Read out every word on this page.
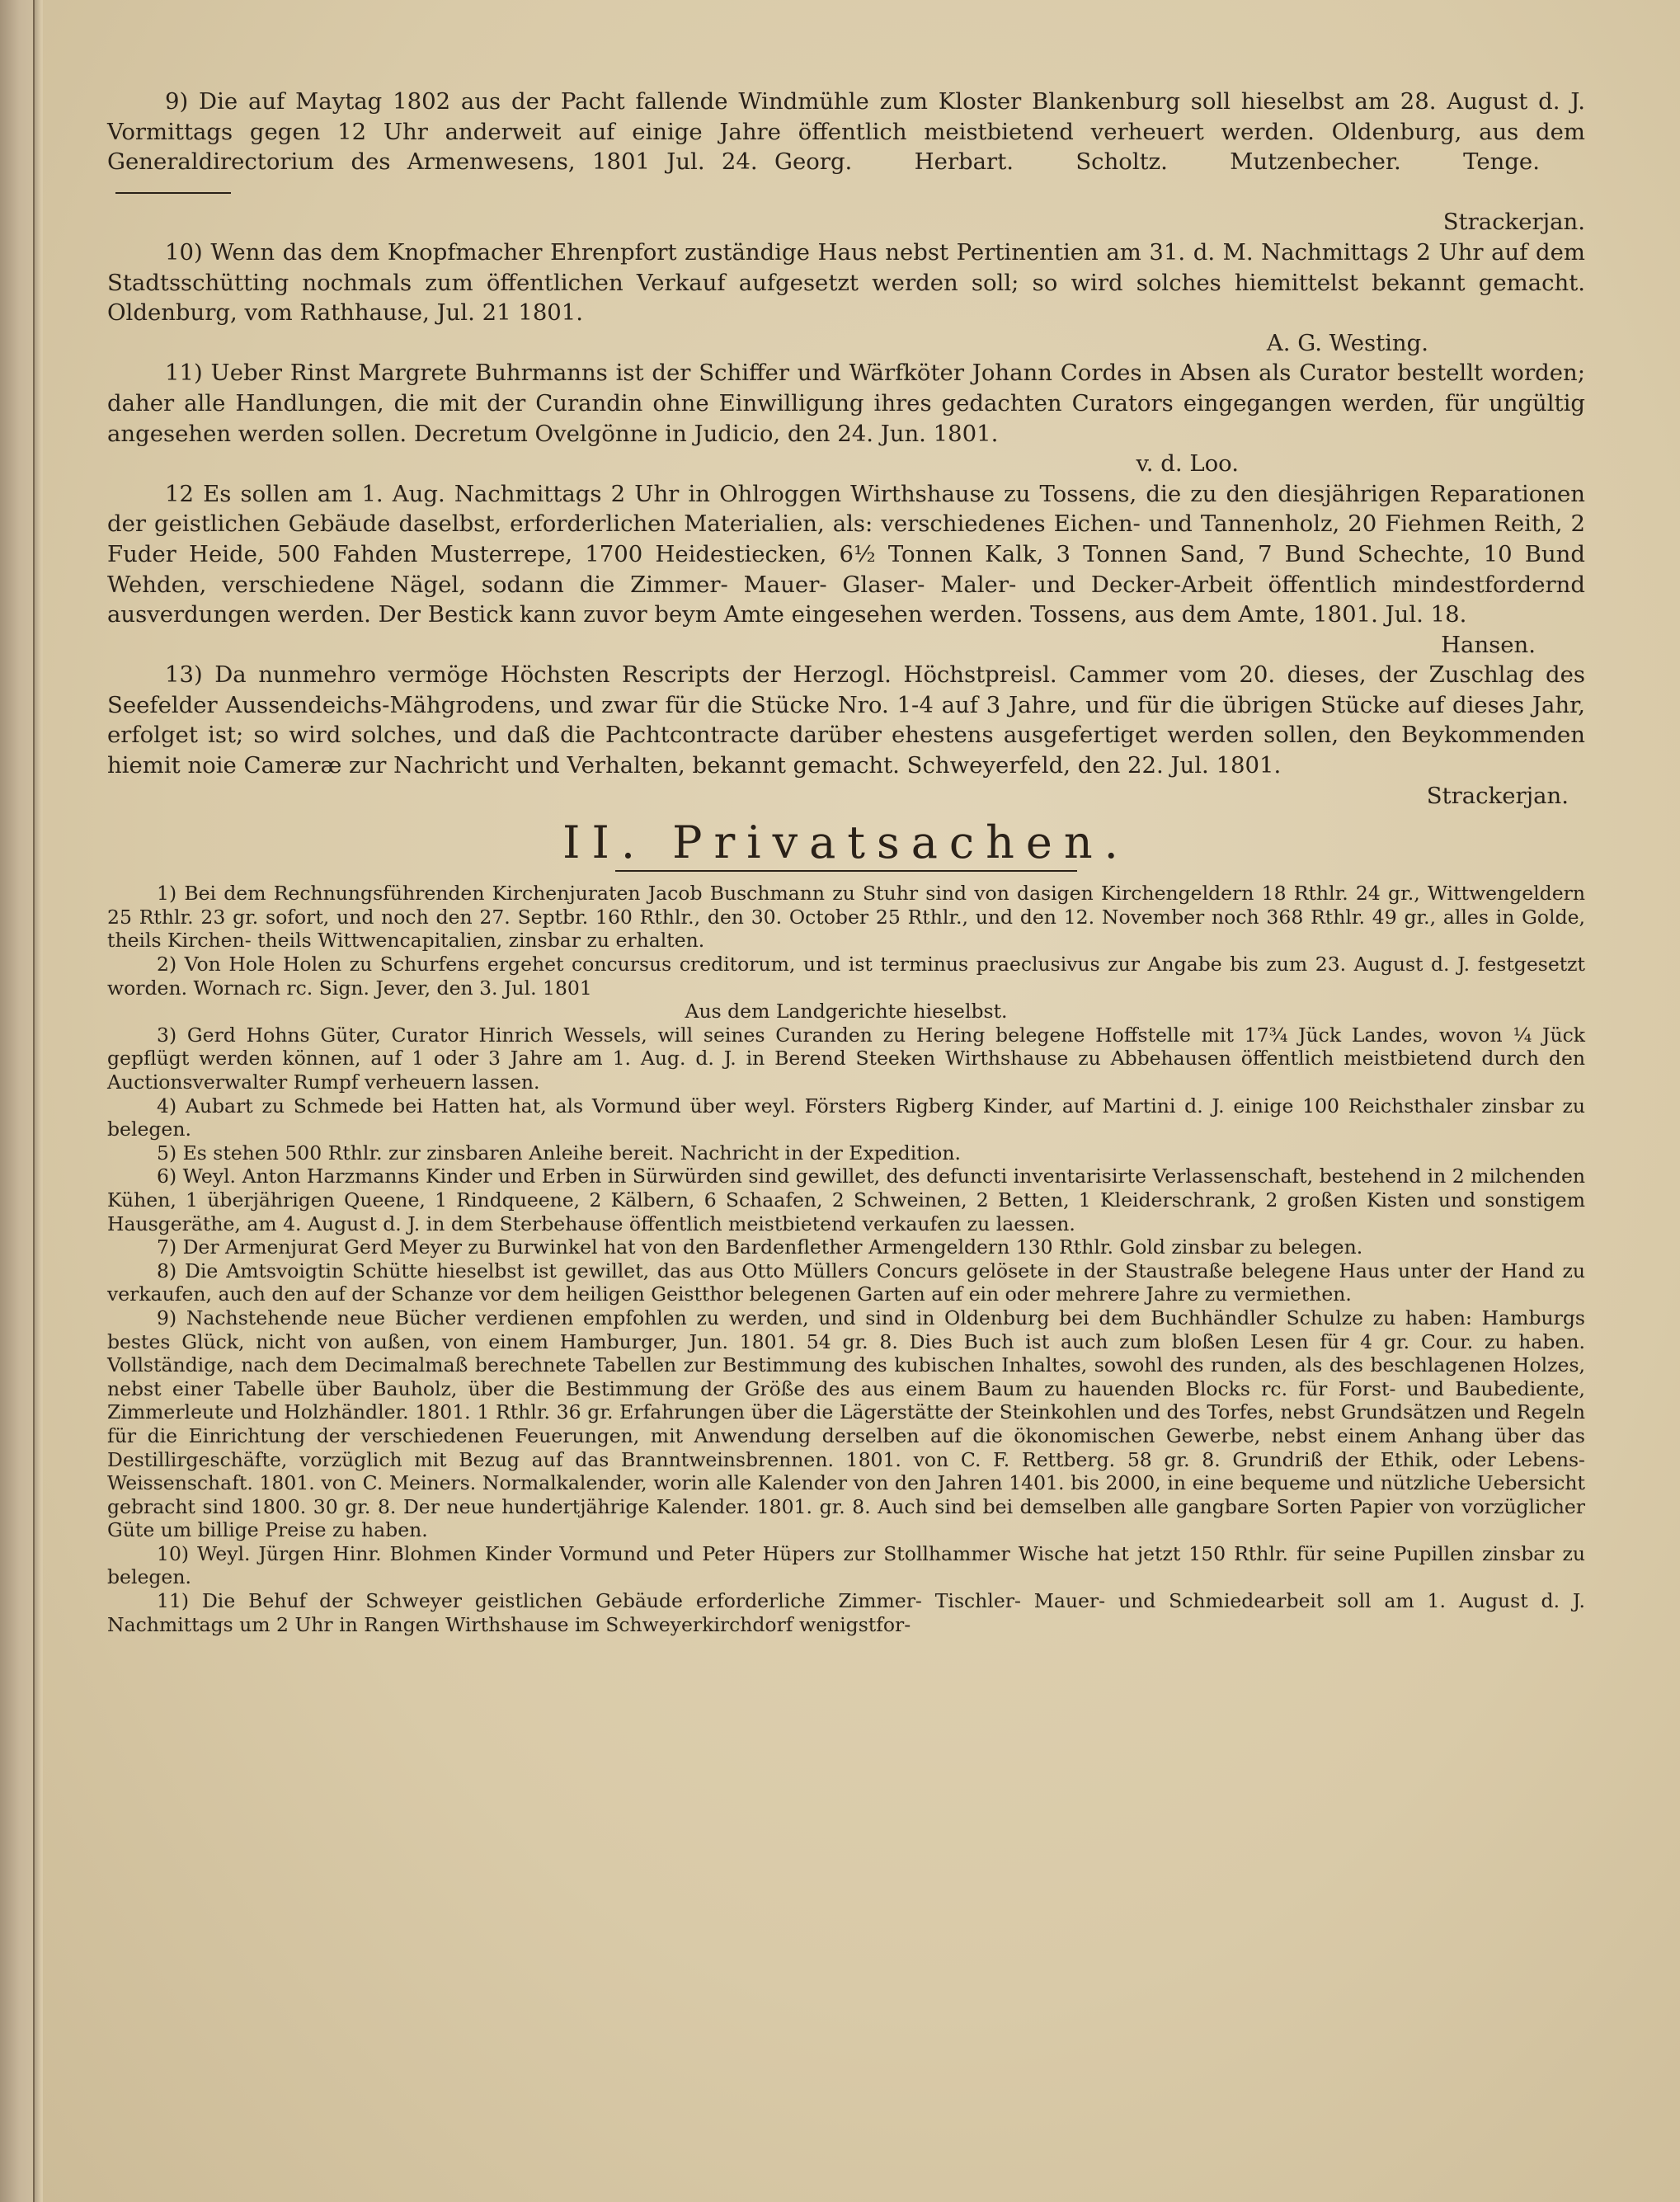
9) Die auf Maytag 1802 aus der Pacht fallende Windmühle zum Kloster Blankenburg soll hieselbst am 28. August d. J. Vormittags gegen 12 Uhr anderweit auf einige Jahre öffentlich meistbietend verheuert werden. Oldenburg, aus dem Generaldirectorium des Armenwesens, 1801 Jul. 24. Georg.	Herbart.	Scholtz.	Mutzenbecher.	Tenge.

Strackerjan.

10) Wenn das dem Knopfmacher Ehrenpfort zuständige Haus nebst Pertinentien am 31. d. M. Nachmittags 2 Uhr auf dem Stadtsschütting nochmals zum öffentlichen Verkauf aufgesetzt werden soll; so wird solches hiemittelst bekannt gemacht. Oldenburg, vom Rathhause, Jul. 21 1801.

A. G. Westing.

11) Ueber Rinst Margrete Buhrmanns ist der Schiffer und Wärfköter Johann Cordes in Absen als Curator bestellt worden; daher alle Handlungen, die mit der Curandin ohne Einwilligung ihres gedachten Curators eingegangen werden, für ungültig angesehen werden sollen. Decretum Ovelgönne in Judicio, den 24. Jun. 1801.

v. d. Loo.

12 Es sollen am 1. Aug. Nachmittags 2 Uhr in Ohlroggen Wirthshause zu Tossens, die zu den diesjährigen Reparationen der geistlichen Gebäude daselbst, erforderlichen Materialien, als: verschiedenes Eichen- und Tannenholz, 20 Fiehmen Reith, 2 Fuder Heide, 500 Fahden Musterrepe, 1700 Heidestiecken, 6½ Tonnen Kalk, 3 Tonnen Sand, 7 Bund Schechte, 10 Bund Wehden, verschiedene Nägel, sodann die Zimmer- Mauer- Glaser- Maler- und Decker-Arbeit öffentlich mindestfordernd ausverdungen werden. Der Bestick kann zuvor beym Amte eingesehen werden. Tossens, aus dem Amte, 1801. Jul. 18.

Hansen.

13) Da nunmehro vermöge Höchsten Rescripts der Herzogl. Höchstpreisl. Cammer vom 20. dieses, der Zuschlag des Seefelder Aussendeichs-Mähgrodens, und zwar für die Stücke Nro. 1-4 auf 3 Jahre, und für die übrigen Stücke auf dieses Jahr, erfolget ist; so wird solches, und daß die Pachtcontracte darüber ehestens ausgefertiget werden sollen, den Beykommenden hiemit noie Cameræ zur Nachricht und Verhalten, bekannt gemacht. Schweyerfeld, den 22. Jul. 1801.

Strackerjan.

II. Privatsachen.

1) Bei dem Rechnungsführenden Kirchenjuraten Jacob Buschmann zu Stuhr sind von dasigen Kirchengeldern 18 Rthlr. 24 gr., Wittwengeldern 25 Rthlr. 23 gr. sofort, und noch den 27. Septbr. 160 Rthlr., den 30. October 25 Rthlr., und den 12. November noch 368 Rthlr. 49 gr., alles in Golde, theils Kirchen- theils Wittwencapitalien, zinsbar zu erhalten.

2) Von Hole Holen zu Schurfens ergehet concursus creditorum, und ist terminus praeclusivus zur Angabe bis zum 23. August d. J. festgesetzt worden. Wornach rc. Sign. Jever, den 3. Jul. 1801

Aus dem Landgerichte hieselbst.

3) Gerd Hohns Güter, Curator Hinrich Wessels, will seines Curanden zu Hering belegene Hoffstelle mit 17¾ Jück Landes, wovon ¼ Jück gepflügt werden können, auf 1 oder 3 Jahre am 1. Aug. d. J. in Berend Steeken Wirthshause zu Abbehausen öffentlich meistbietend durch den Auctionsverwalter Rumpf verheuern lassen.

4) Aubart zu Schmede bei Hatten hat, als Vormund über weyl. Försters Rigberg Kinder, auf Martini d. J. einige 100 Reichsthaler zinsbar zu belegen.

5) Es stehen 500 Rthlr. zur zinsbaren Anleihe bereit. Nachricht in der Expedition.

6) Weyl. Anton Harzmanns Kinder und Erben in Sürwürden sind gewillet, des defuncti inventarisirte Verlassenschaft, bestehend in 2 milchenden Kühen, 1 überjährigen Queene, 1 Rindqueene, 2 Kälbern, 6 Schaafen, 2 Schweinen, 2 Betten, 1 Kleiderschrank, 2 großen Kisten und sonstigem Hausgeräthe, am 4. August d. J. in dem Sterbehause öffentlich meistbietend verkaufen zu laessen.

7) Der Armenjurat Gerd Meyer zu Burwinkel hat von den Bardenflether Armengeldern 130 Rthlr. Gold zinsbar zu belegen.

8) Die Amtsvoigtin Schütte hieselbst ist gewillet, das aus Otto Müllers Concurs gelösete in der Staustraße belegene Haus unter der Hand zu verkaufen, auch den auf der Schanze vor dem heiligen Geistthor belegenen Garten auf ein oder mehrere Jahre zu vermiethen.

9) Nachstehende neue Bücher verdienen empfohlen zu werden, und sind in Oldenburg bei dem Buchhändler Schulze zu haben: Hamburgs bestes Glück, nicht von außen, von einem Hamburger, Jun. 1801. 54 gr. 8. Dies Buch ist auch zum bloßen Lesen für 4 gr. Cour. zu haben. Vollständige, nach dem Decimalmaß berechnete Tabellen zur Bestimmung des kubischen Inhaltes, sowohl des runden, als des beschlagenen Holzes, nebst einer Tabelle über Bauholz, über die Bestimmung der Größe des aus einem Baum zu hauenden Blocks rc. für Forst- und Baubediente, Zimmerleute und Holzhändler. 1801. 1 Rthlr. 36 gr. Erfahrungen über die Lägerstätte der Steinkohlen und des Torfes, nebst Grundsätzen und Regeln für die Einrichtung der verschiedenen Feuerungen, mit Anwendung derselben auf die ökonomischen Gewerbe, nebst einem Anhang über das Destillirgeschäfte, vorzüglich mit Bezug auf das Branntweinsbrennen. 1801. von C. F. Rettberg. 58 gr. 8. Grundriß der Ethik, oder Lebens-Weissenschaft. 1801. von C. Meiners. Normalkalender, worin alle Kalender von den Jahren 1401. bis 2000, in eine bequeme und nützliche Uebersicht gebracht sind 1800. 30 gr. 8. Der neue hundertjährige Kalender. 1801. gr. 8. Auch sind bei demselben alle gangbare Sorten Papier von vorzüglicher Güte um billige Preise zu haben.

10) Weyl. Jürgen Hinr. Blohmen Kinder Vormund und Peter Hüpers zur Stollhammer Wische hat jetzt 150 Rthlr. für seine Pupillen zinsbar zu belegen.

11) Die Behuf der Schweyer geistlichen Gebäude erforderliche Zimmer- Tischler- Mauer- und Schmiedearbeit soll am 1. August d. J. Nachmittags um 2 Uhr in Rangen Wirthshause im Schweyerkirchdorf wenigstfor-
